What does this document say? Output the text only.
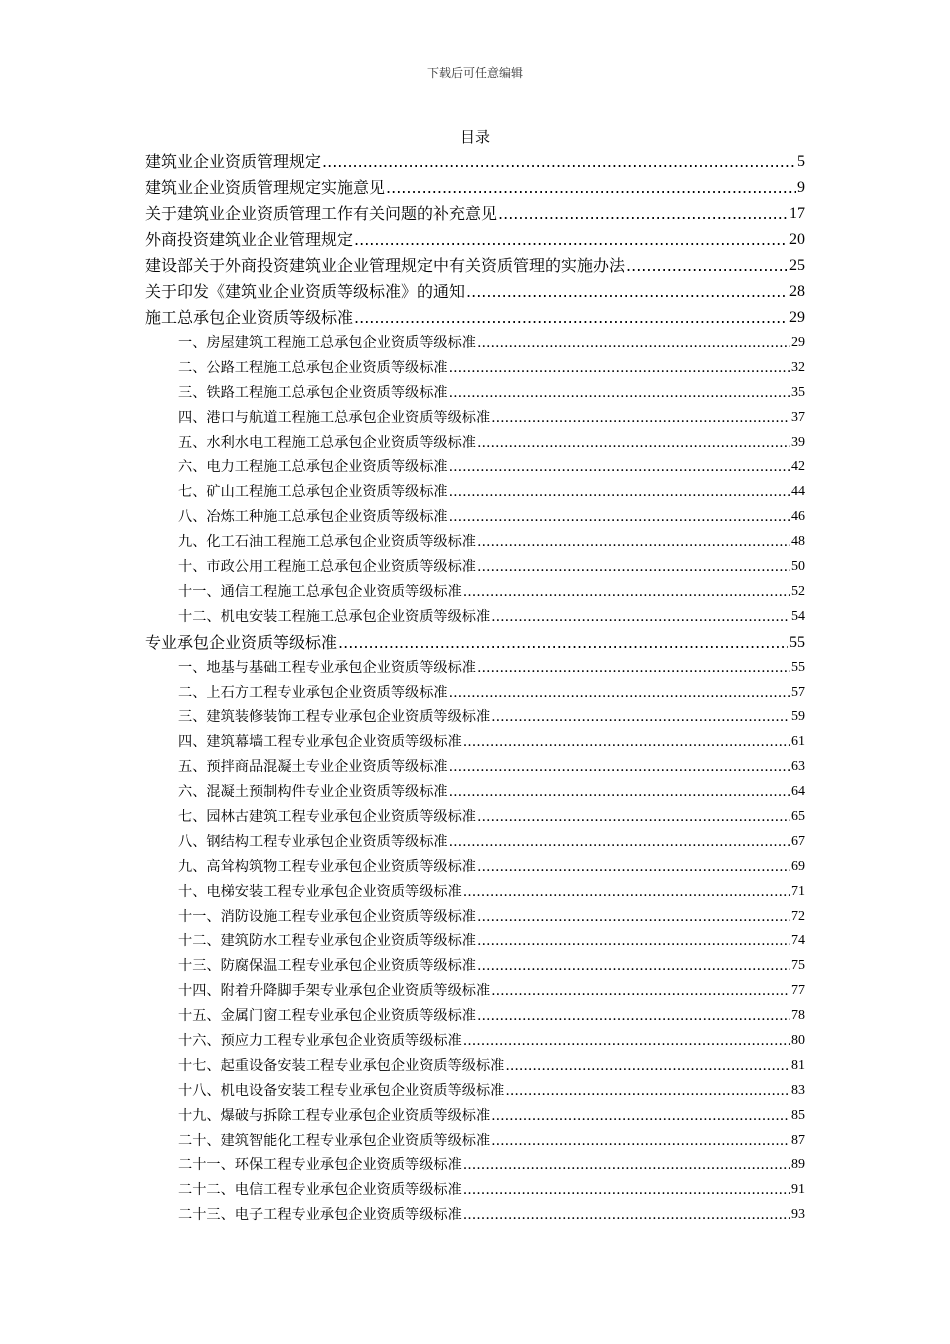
下载后可任意编辑
目录
建筑业企业资质管理规定 .....	5
建筑业企业资质管理规定实施意见 .....	9
关于建筑业企业资质管理工作有关问题的补充意见 .....	17
外商投资建筑业企业管理规定 .....	20
建设部关于外商投资建筑业企业管理规定中有关资质管理的实施办法 .....	25
关于印发《建筑业企业资质等级标准》的通知 .....	28
施工总承包企业资质等级标准 .....	29
一、房屋建筑工程施工总承包企业资质等级标准 .....	29
二、公路工程施工总承包企业资质等级标准 .....	32
三、铁路工程施工总承包企业资质等级标准 .....	35
四、港口与航道工程施工总承包企业资质等级标准 .....	37
五、水利水电工程施工总承包企业资质等级标准 .....	39
六、电力工程施工总承包企业资质等级标准 .....	42
七、矿山工程施工总承包企业资质等级标准 .....	44
八、冶炼工种施工总承包企业资质等级标准 .....	46
九、化工石油工程施工总承包企业资质等级标准 .....	48
十、市政公用工程施工总承包企业资质等级标准 .....	50
十一、通信工程施工总承包企业资质等级标准 .....	52
十二、机电安装工程施工总承包企业资质等级标准 .....	54
专业承包企业资质等级标准 .....	55
一、地基与基础工程专业承包企业资质等级标准 .....	55
二、上石方工程专业承包企业资质等级标准 .....	57
三、建筑装修装饰工程专业承包企业资质等级标准 .....	59
四、建筑幕墙工程专业承包企业资质等级标准 .....	61
五、预拌商品混凝土专业企业资质等级标准 .....	63
六、混凝土预制构件专业企业资质等级标准 .....	64
七、园林古建筑工程专业承包企业资质等级标准 .....	65
八、钢结构工程专业承包企业资质等级标准 .....	67
九、高耸构筑物工程专业承包企业资质等级标准 .....	69
十、电梯安装工程专业承包企业资质等级标准 .....	71
十一、消防设施工程专业承包企业资质等级标准 .....	72
十二、建筑防水工程专业承包企业资质等级标准 .....	74
十三、防腐保温工程专业承包企业资质等级标准 .....	75
十四、附着升降脚手架专业承包企业资质等级标准 .....	77
十五、金属门窗工程专业承包企业资质等级标准 .....	78
十六、预应力工程专业承包企业资质等级标准 .....	80
十七、起重设备安装工程专业承包企业资质等级标准 .....	81
十八、机电设备安装工程专业承包企业资质等级标准 .....	83
十九、爆破与拆除工程专业承包企业资质等级标准 .....	85
二十、建筑智能化工程专业承包企业资质等级标准 .....	87
二十一、环保工程专业承包企业资质等级标准 .....	89
二十二、电信工程专业承包企业资质等级标准 .....	91
二十三、电子工程专业承包企业资质等级标准 .....	93
